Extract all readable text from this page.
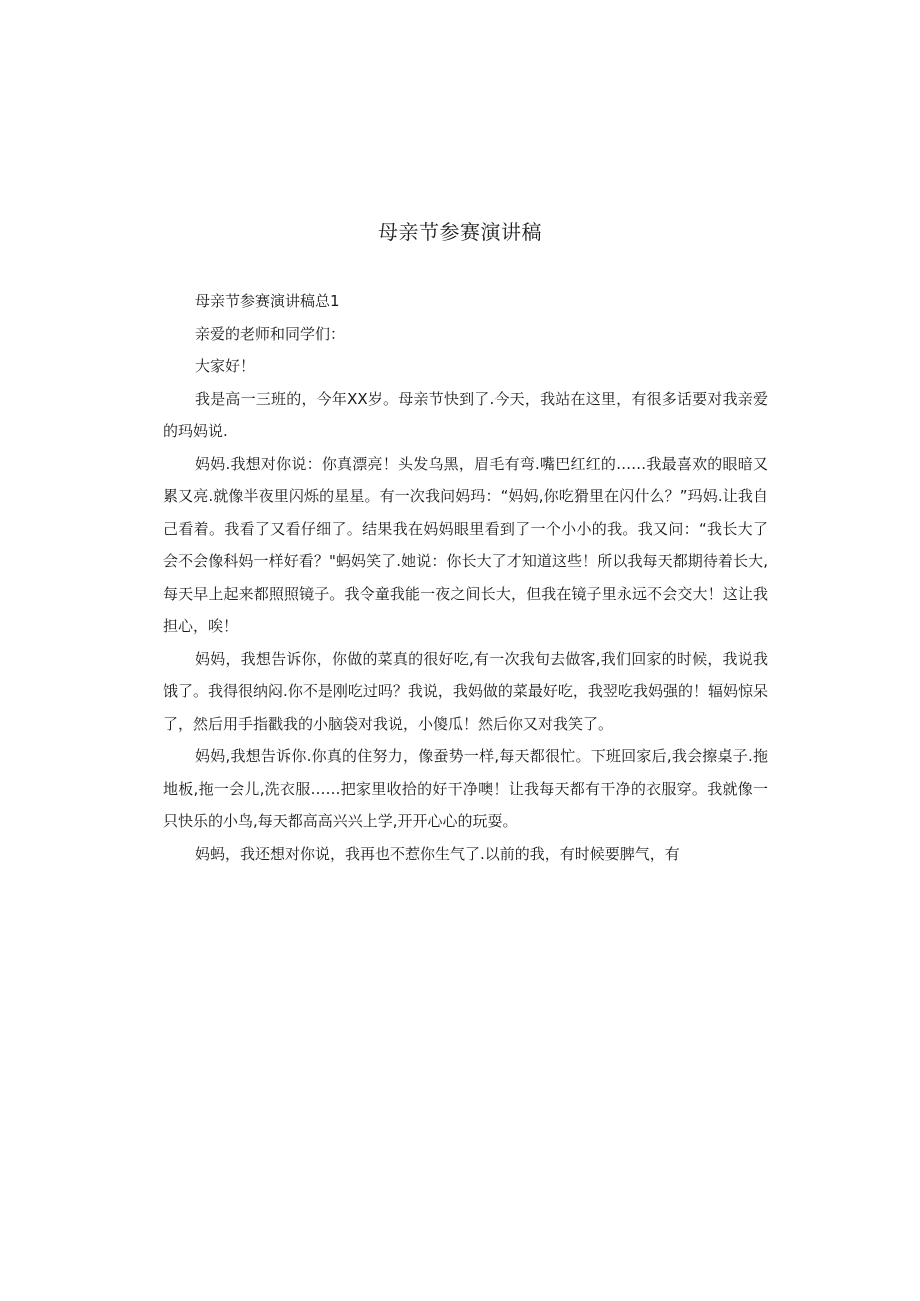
母亲节参赛演讲稿

母亲节参赛演讲稿总1

亲爱的老师和同学们：

大家好！

我是高一三班的，今年XX岁。母亲节快到了.今天，我站在这里，有很多话要对我亲爱的玛妈说.

妈妈.我想对你说：你真漂亮！头发乌黑，眉毛有弯.嘴巴红红的……我最喜欢的眼暗又累又亮.就像半夜里闪烁的星星。有一次我问妈玛：“妈妈,你吃猾里在闪什么？”玛妈.让我自己看着。我看了又看仔细了。结果我在妈妈眼里看到了一个小小的我。我又问：“我长大了会不会像科妈一样好看？"蚂妈笑了.她说：你长大了才知道这些！所以我每天都期待着长大,每天早上起来都照照镜子。我令童我能一夜之间长大，但我在镜子里永远不会交大！这让我担心，唉！

妈妈，我想告诉你，你做的菜真的很好吃,有一次我旬去做客,我们回家的时候，我说我饿了。我得很纳闷.你不是刚吃过吗？我说，我妈做的菜最好吃，我翌吃我妈强的！辐妈惊呆了，然后用手指戳我的小脑袋对我说，小傻瓜！然后你又对我笑了。

妈妈,我想告诉你.你真的住努力，像蚕势一样,每天都很忙。下班回家后,我会擦桌子.拖地板,拖一会儿,洗衣服……把家里收拾的好干净噢！让我每天都有干净的衣服穿。我就像一只快乐的小鸟,每天都高高兴兴上学,开开心心的玩耍。

妈蚂，我还想对你说，我再也不惹你生气了.以前的我，有时候要脾气，有
